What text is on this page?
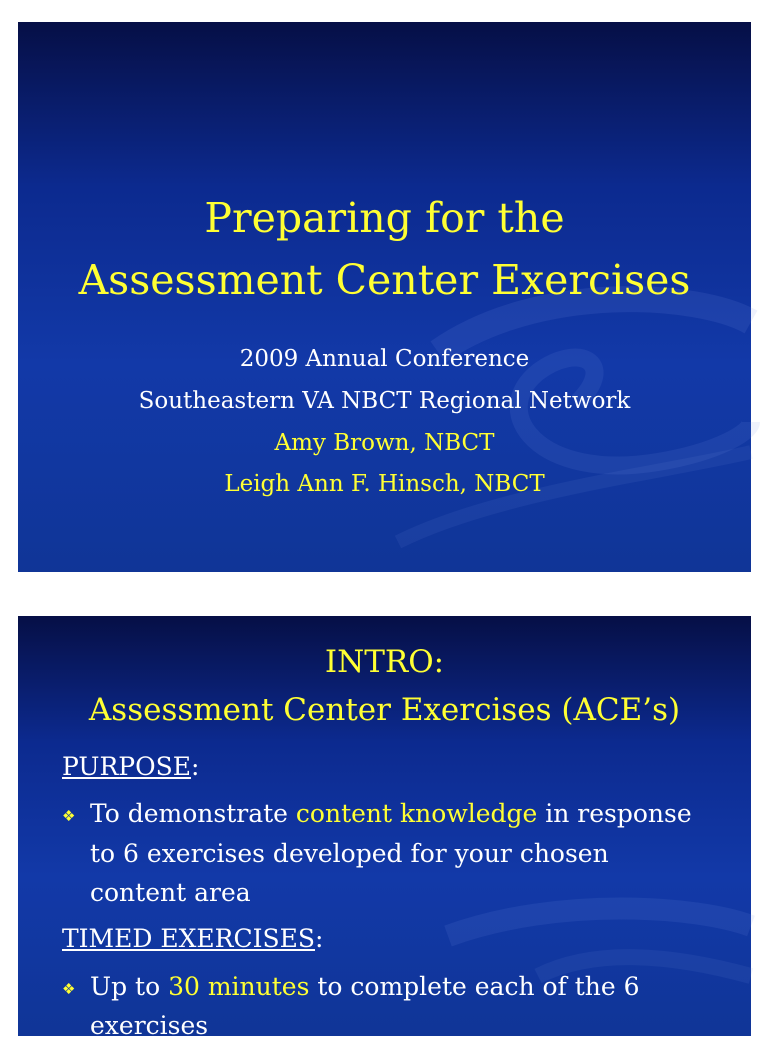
Preparing for the
Assessment Center Exercises
2009 Annual Conference
Southeastern VA NBCT Regional Network
Amy Brown, NBCT
Leigh Ann F. Hinsch, NBCT
INTRO:
Assessment Center Exercises (ACE’s)
PURPOSE:
❖ To demonstrate content knowledge in response
to 6 exercises developed for your chosen
content area
TIMED EXERCISES:
❖ Up to 30 minutes to complete each of the 6
exercises
